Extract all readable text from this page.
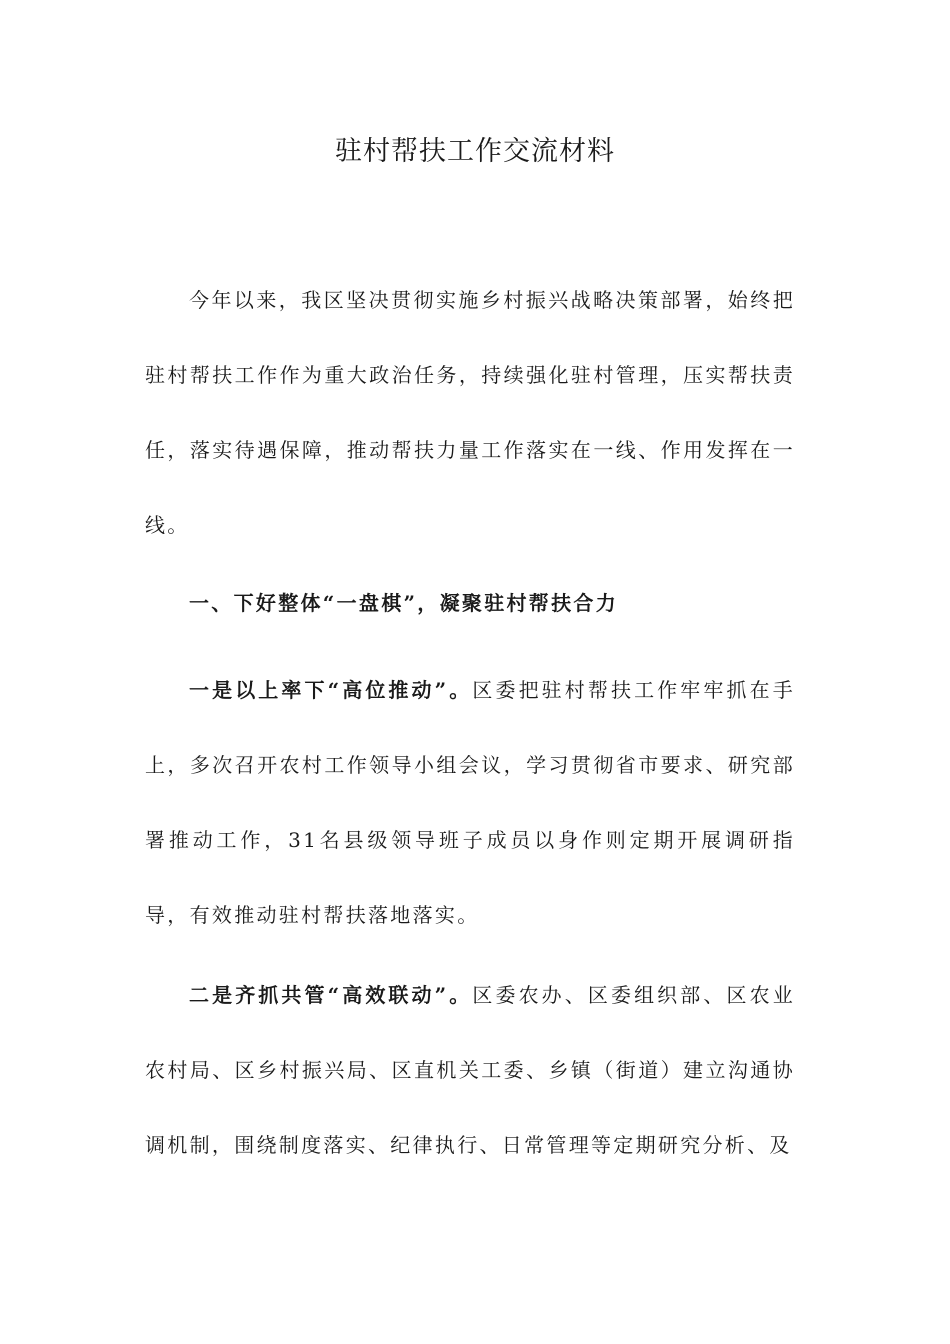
驻村帮扶工作交流材料

今年以来，我区坚决贯彻实施乡村振兴战略决策部署，始终把驻村帮扶工作作为重大政治任务，持续强化驻村管理，压实帮扶责任，落实待遇保障，推动帮扶力量工作落实在一线、作用发挥在一线。

一、下好整体“一盘棋”，凝聚驻村帮扶合力

一是以上率下“高位推动”。区委把驻村帮扶工作牢牢抓在手上，多次召开农村工作领导小组会议，学习贯彻省市要求、研究部署推动工作，31名县级领导班子成员以身作则定期开展调研指导，有效推动驻村帮扶落地落实。

二是齐抓共管“高效联动”。区委农办、区委组织部、区农业农村局、区乡村振兴局、区直机关工委、乡镇（街道）建立沟通协调机制，围绕制度落实、纪律执行、日常管理等定期研究分析、及
